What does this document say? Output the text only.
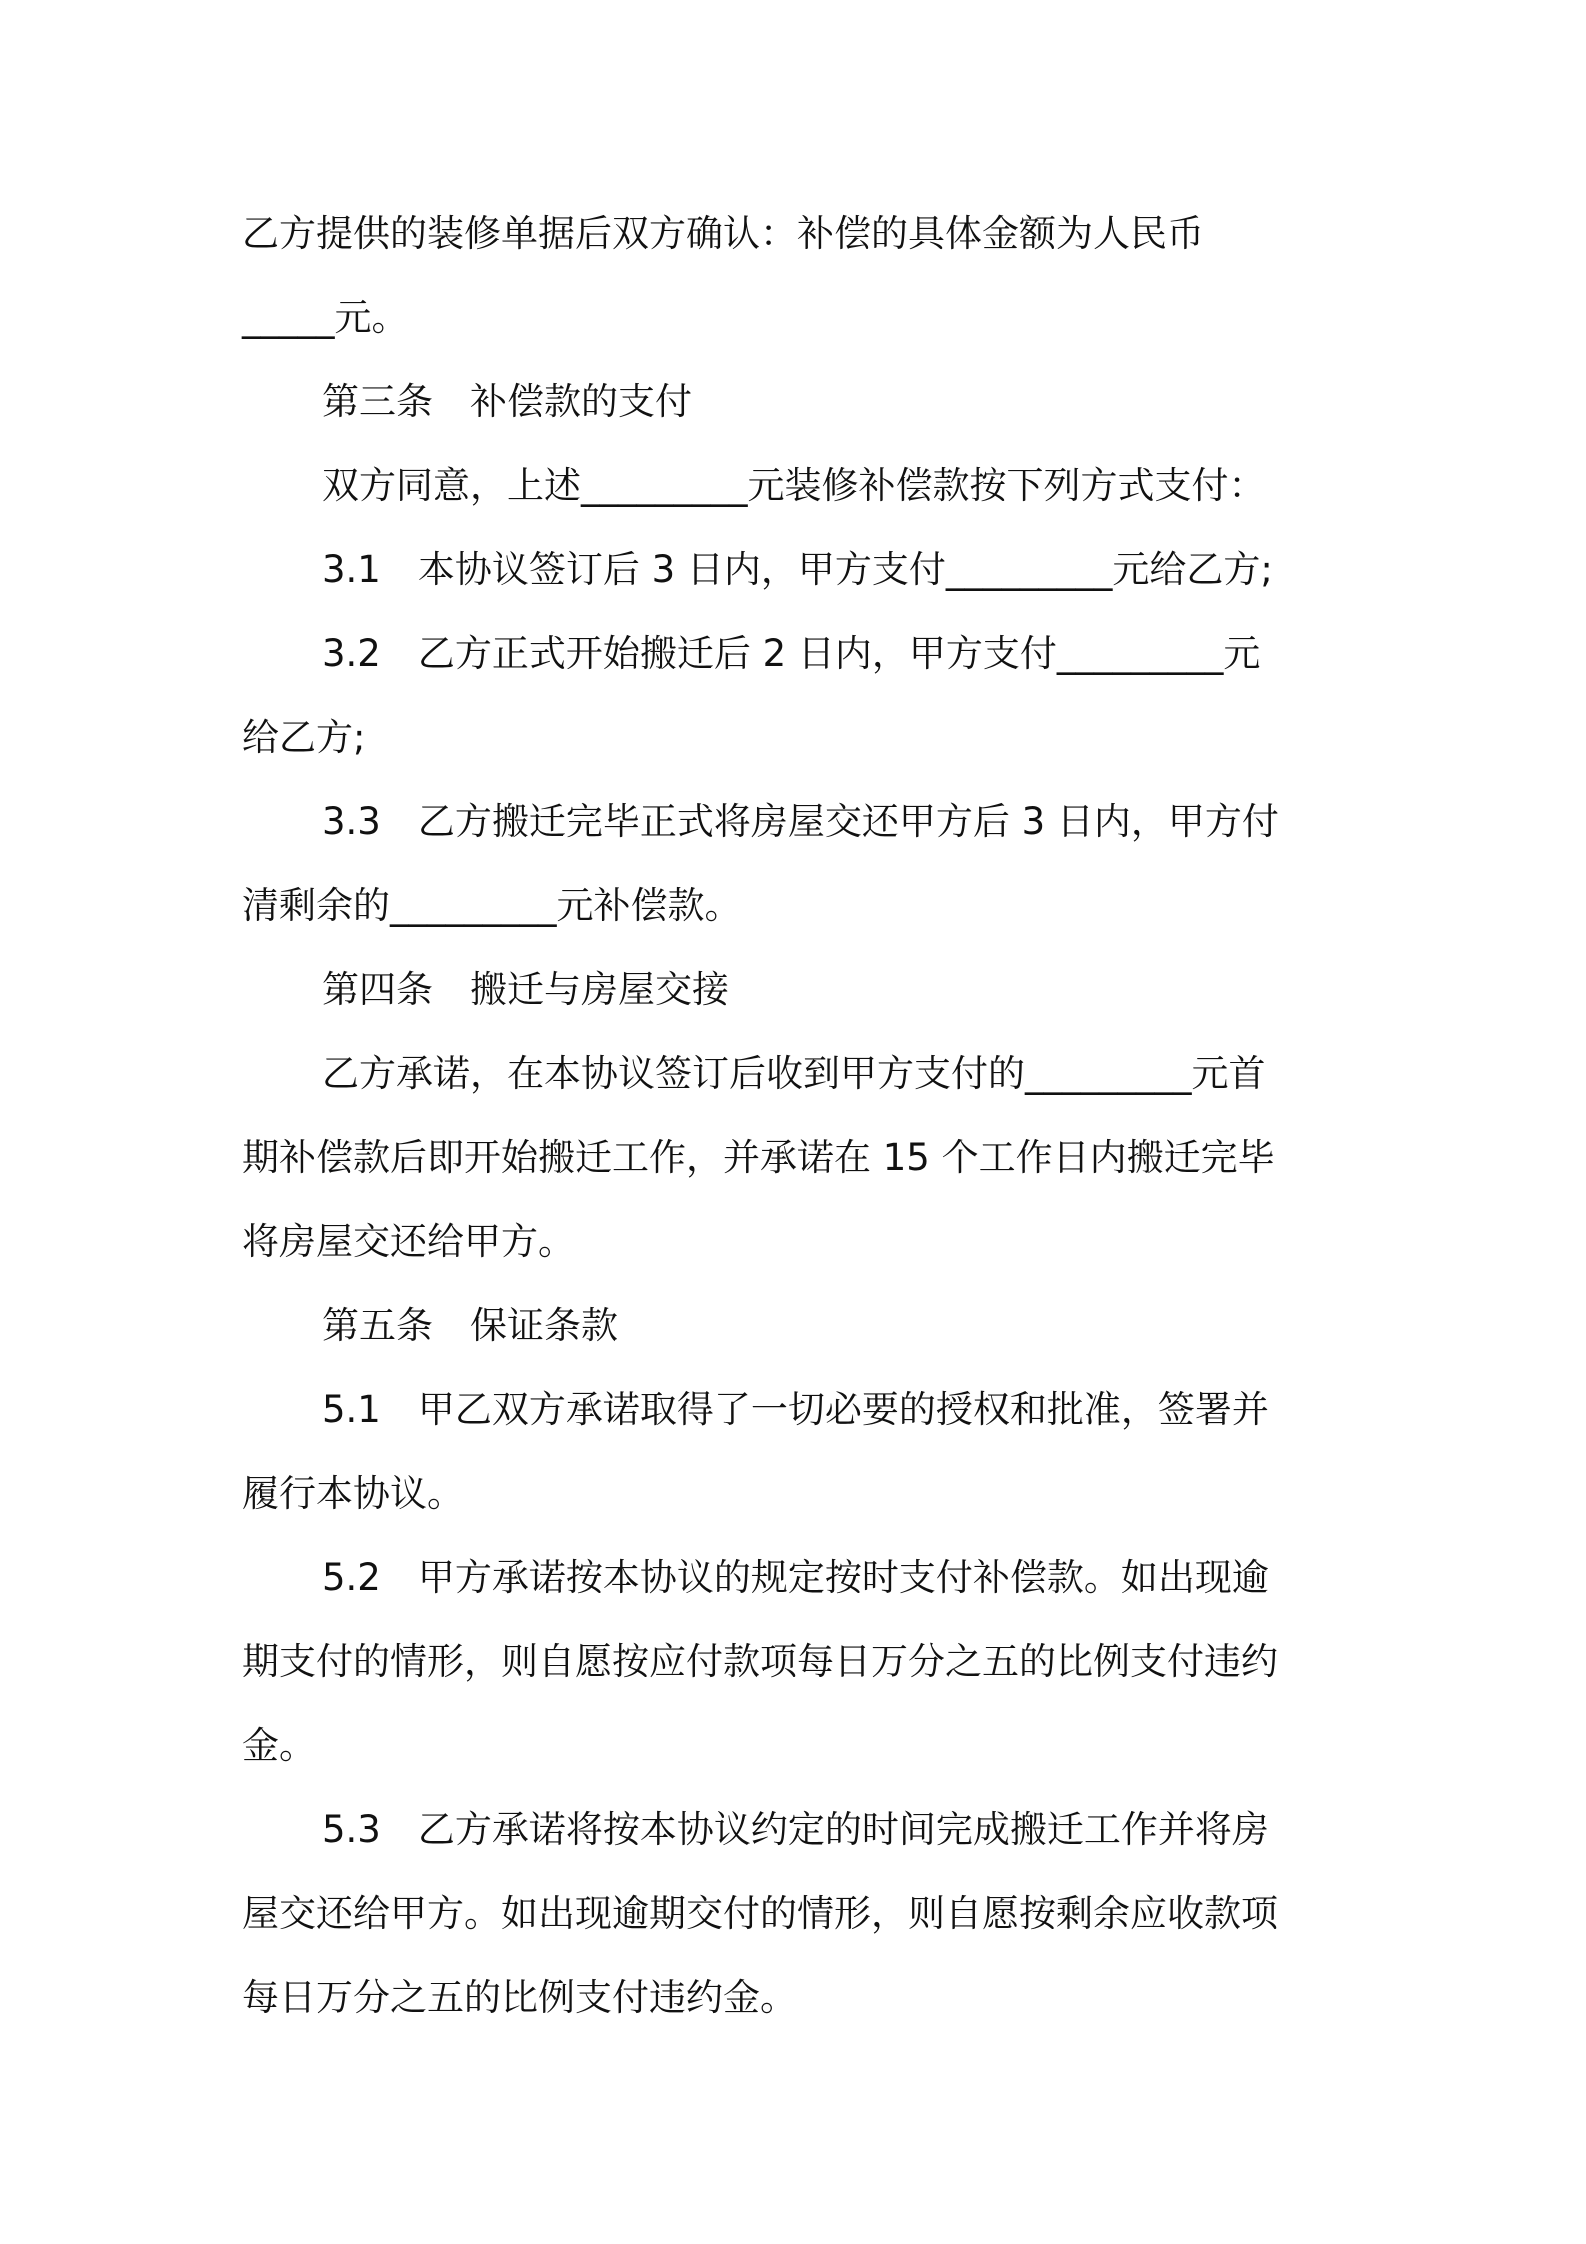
乙方提供的装修单据后双方确认：补偿的具体金额为人民币
_____元。
第三条　补偿款的支付
双方同意，上述_________元装修补偿款按下列方式支付：
3.1　本协议签订后 3 日内，甲方支付_________元给乙方;
3.2　乙方正式开始搬迁后 2 日内，甲方支付_________元
给乙方;
3.3　乙方搬迁完毕正式将房屋交还甲方后 3 日内，甲方付
清剩余的_________元补偿款。
第四条　搬迁与房屋交接
乙方承诺，在本协议签订后收到甲方支付的_________元首
期补偿款后即开始搬迁工作，并承诺在 15 个工作日内搬迁完毕
将房屋交还给甲方。
第五条　保证条款
5.1　甲乙双方承诺取得了一切必要的授权和批准，签署并
履行本协议。
5.2　甲方承诺按本协议的规定按时支付补偿款。如出现逾
期支付的情形，则自愿按应付款项每日万分之五的比例支付违约
金。
5.3　乙方承诺将按本协议约定的时间完成搬迁工作并将房
屋交还给甲方。如出现逾期交付的情形，则自愿按剩余应收款项
每日万分之五的比例支付违约金。
